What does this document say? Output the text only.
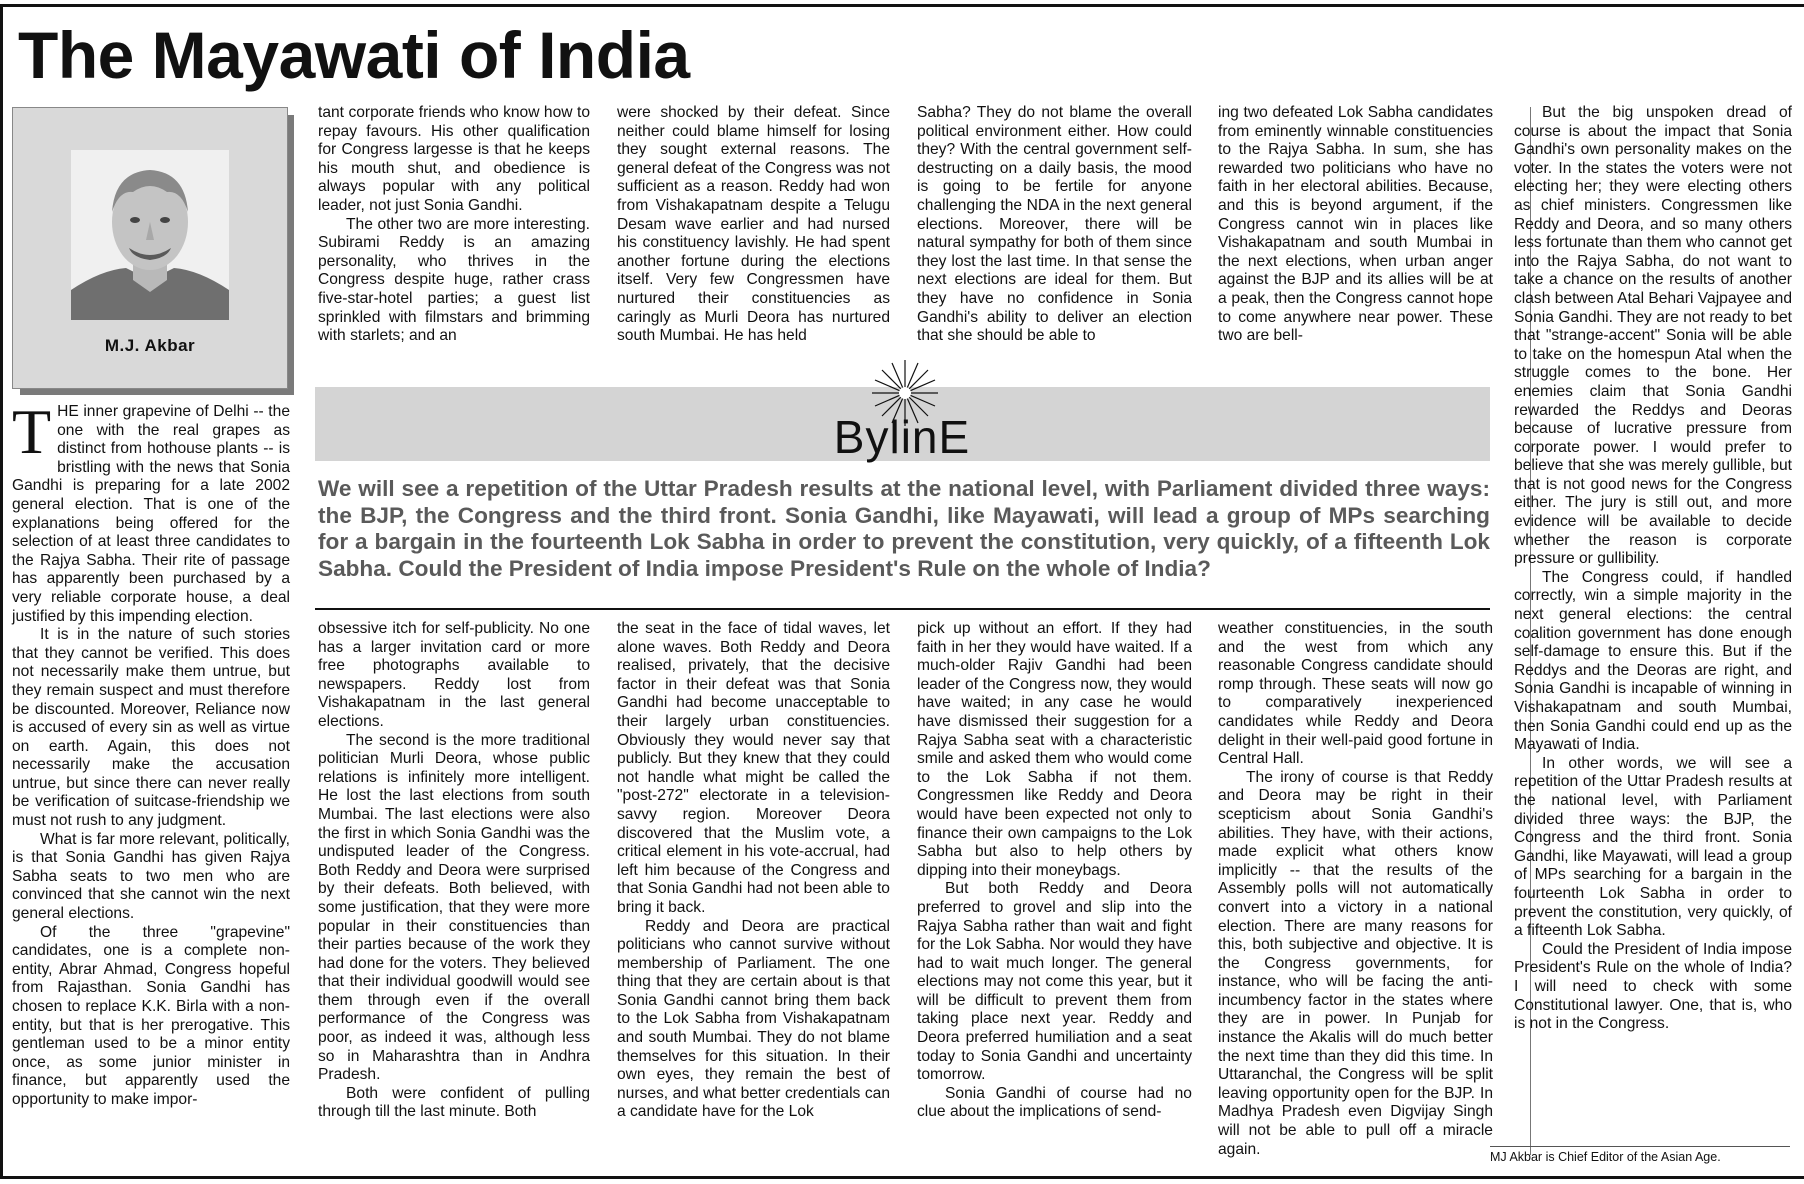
The Mayawati of India
M.J. Akbar

THE inner grapevine of Delhi -- the one with the real grapes as distinct from hothouse plants -- is bristling with the news that Sonia Gandhi is preparing for a late 2002 general election. That is one of the explanations being offered for the selection of at least three candidates to the Rajya Sabha. Their rite of passage has apparently been purchased by a very reliable corporate house, a deal justified by this impending election.

It is in the nature of such stories that they cannot be verified. This does not necessarily make them untrue, but they remain suspect and must therefore be discounted. Moreover, Reliance now is accused of every sin as well as virtue on earth. Again, this does not necessarily make the accusation untrue, but since there can never really be verification of suitcase-friendship we must not rush to any judgment.

What is far more relevant, politically, is that Sonia Gandhi has given Rajya Sabha seats to two men who are convinced that she cannot win the next general elections.

Of the three "grapevine" candidates, one is a complete non-entity, Abrar Ahmad, Congress hopeful from Rajasthan. Sonia Gandhi has chosen to replace K.K. Birla with a non-entity, but that is her prerogative. This gentleman used to be a minor entity once, as some junior minister in finance, but apparently used the opportunity to make impor-

tant corporate friends who know how to repay favours. His other qualification for Congress largesse is that he keeps his mouth shut, and obedience is always popular with any political leader, not just Sonia Gandhi.

The other two are more interesting. Subirami Reddy is an amazing personality, who thrives in the Congress despite huge, rather crass five-star-hotel parties; a guest list sprinkled with filmstars and brimming with starlets; and an

were shocked by their defeat. Since neither could blame himself for losing they sought external reasons. The general defeat of the Congress was not sufficient as a reason. Reddy had won from Vishakapatnam despite a Telugu Desam wave earlier and had nursed his constituency lavishly. He had spent another fortune during the elections itself. Very few Congressmen have nurtured their constituencies as caringly as Murli Deora has nurtured south Mumbai. He has held

Sabha? They do not blame the overall political environment either. How could they? With the central government self-destructing on a daily basis, the mood is going to be fertile for anyone challenging the NDA in the next general elections. Moreover, there will be natural sympathy for both of them since they lost the last time. In that sense the next elections are ideal for them. But they have no confidence in Sonia Gandhi's ability to deliver an election that she should be able to

ing two defeated Lok Sabha candidates from eminently winnable constituencies to the Rajya Sabha. In sum, she has rewarded two politicians who have no faith in her electoral abilities. Because, and this is beyond argument, if the Congress cannot win in places like Vishakapatnam and south Mumbai in the next elections, when urban anger against the BJP and its allies will be at a peak, then the Congress cannot hope to come anywhere near power. These two are bell-

BylinE

We will see a repetition of the Uttar Pradesh results at the national level, with Parliament divided three ways: the BJP, the Congress and the third front. Sonia Gandhi, like Mayawati, will lead a group of MPs searching for a bargain in the fourteenth Lok Sabha in order to prevent the constitution, very quickly, of a fifteenth Lok Sabha. Could the President of India impose President's Rule on the whole of India?

obsessive itch for self-publicity. No one has a larger invitation card or more free photographs available to newspapers. Reddy lost from Vishakapatnam in the last general elections.

The second is the more traditional politician Murli Deora, whose public relations is infinitely more intelligent. He lost the last elections from south Mumbai. The last elections were also the first in which Sonia Gandhi was the undisputed leader of the Congress. Both Reddy and Deora were surprised by their defeats. Both believed, with some justification, that they were more popular in their constituencies than their parties because of the work they had done for the voters. They believed that their individual goodwill would see them through even if the overall performance of the Congress was poor, as indeed it was, although less so in Maharashtra than in Andhra Pradesh.

Both were confident of pulling through till the last minute. Both

the seat in the face of tidal waves, let alone waves. Both Reddy and Deora realised, privately, that the decisive factor in their defeat was that Sonia Gandhi had become unacceptable to their largely urban constituencies. Obviously they would never say that publicly. But they knew that they could not handle what might be called the "post-272" electorate in a television-savvy region. Moreover Deora discovered that the Muslim vote, a critical element in his vote-accrual, had left him because of the Congress and that Sonia Gandhi had not been able to bring it back.

Reddy and Deora are practical politicians who cannot survive without membership of Parliament. The one thing that they are certain about is that Sonia Gandhi cannot bring them back to the Lok Sabha from Vishakapatnam and south Mumbai. They do not blame themselves for this situation. In their own eyes, they remain the best of nurses, and what better credentials can a candidate have for the Lok

pick up without an effort. If they had faith in her they would have waited. If a much-older Rajiv Gandhi had been leader of the Congress now, they would have waited; in any case he would have dismissed their suggestion for a Rajya Sabha seat with a characteristic smile and asked them who would come to the Lok Sabha if not them. Congressmen like Reddy and Deora would have been expected not only to finance their own campaigns to the Lok Sabha but also to help others by dipping into their moneybags.

But both Reddy and Deora preferred to grovel and slip into the Rajya Sabha rather than wait and fight for the Lok Sabha. Nor would they have had to wait much longer. The general elections may not come this year, but it will be difficult to prevent them from taking place next year. Reddy and Deora preferred humiliation and a seat today to Sonia Gandhi and uncertainty tomorrow.

Sonia Gandhi of course had no clue about the implications of send-

weather constituencies, in the south and the west from which any reasonable Congress candidate should romp through. These seats will now go to comparatively inexperienced candidates while Reddy and Deora delight in their well-paid good fortune in Central Hall.

The irony of course is that Reddy and Deora may be right in their scepticism about Sonia Gandhi's abilities. They have, with their actions, made explicit what others know implicitly -- that the results of the Assembly polls will not automatically convert into a victory in a national election. There are many reasons for this, both subjective and objective. It is the Congress governments, for instance, who will be facing the anti-incumbency factor in the states where they are in power. In Punjab for instance the Akalis will do much better the next time than they did this time. In Uttaranchal, the Congress will be split leaving opportunity open for the BJP. In Madhya Pradesh even Digvijay Singh will not be able to pull off a miracle again.

But the big unspoken dread of course is about the impact that Sonia Gandhi's own personality makes on the voter. In the states the voters were not electing her; they were electing others as chief ministers. Congressmen like Reddy and Deora, and so many others less fortunate than them who cannot get into the Rajya Sabha, do not want to take a chance on the results of another clash between Atal Behari Vajpayee and Sonia Gandhi. They are not ready to bet that "strange-accent" Sonia will be able to take on the homespun Atal when the struggle comes to the bone. Her enemies claim that Sonia Gandhi rewarded the Reddys and Deoras because of lucrative pressure from corporate power. I would prefer to believe that she was merely gullible, but that is not good news for the Congress either. The jury is still out, and more evidence will be available to decide whether the reason is corporate pressure or gullibility.

The Congress could, if handled correctly, win a simple majority in the next general elections: the central coalition government has done enough self-damage to ensure this. But if the Reddys and the Deoras are right, and Sonia Gandhi is incapable of winning in Vishakapatnam and south Mumbai, then Sonia Gandhi could end up as the Mayawati of India.

In other words, we will see a repetition of the Uttar Pradesh results at the national level, with Parliament divided three ways: the BJP, the Congress and the third front. Sonia Gandhi, like Mayawati, will lead a group of MPs searching for a bargain in the fourteenth Lok Sabha in order to prevent the constitution, very quickly, of a fifteenth Lok Sabha.

Could the President of India impose President's Rule on the whole of India? I will need to check with some Constitutional lawyer. One, that is, who is not in the Congress.

MJ Akbar is Chief Editor of the Asian Age.
